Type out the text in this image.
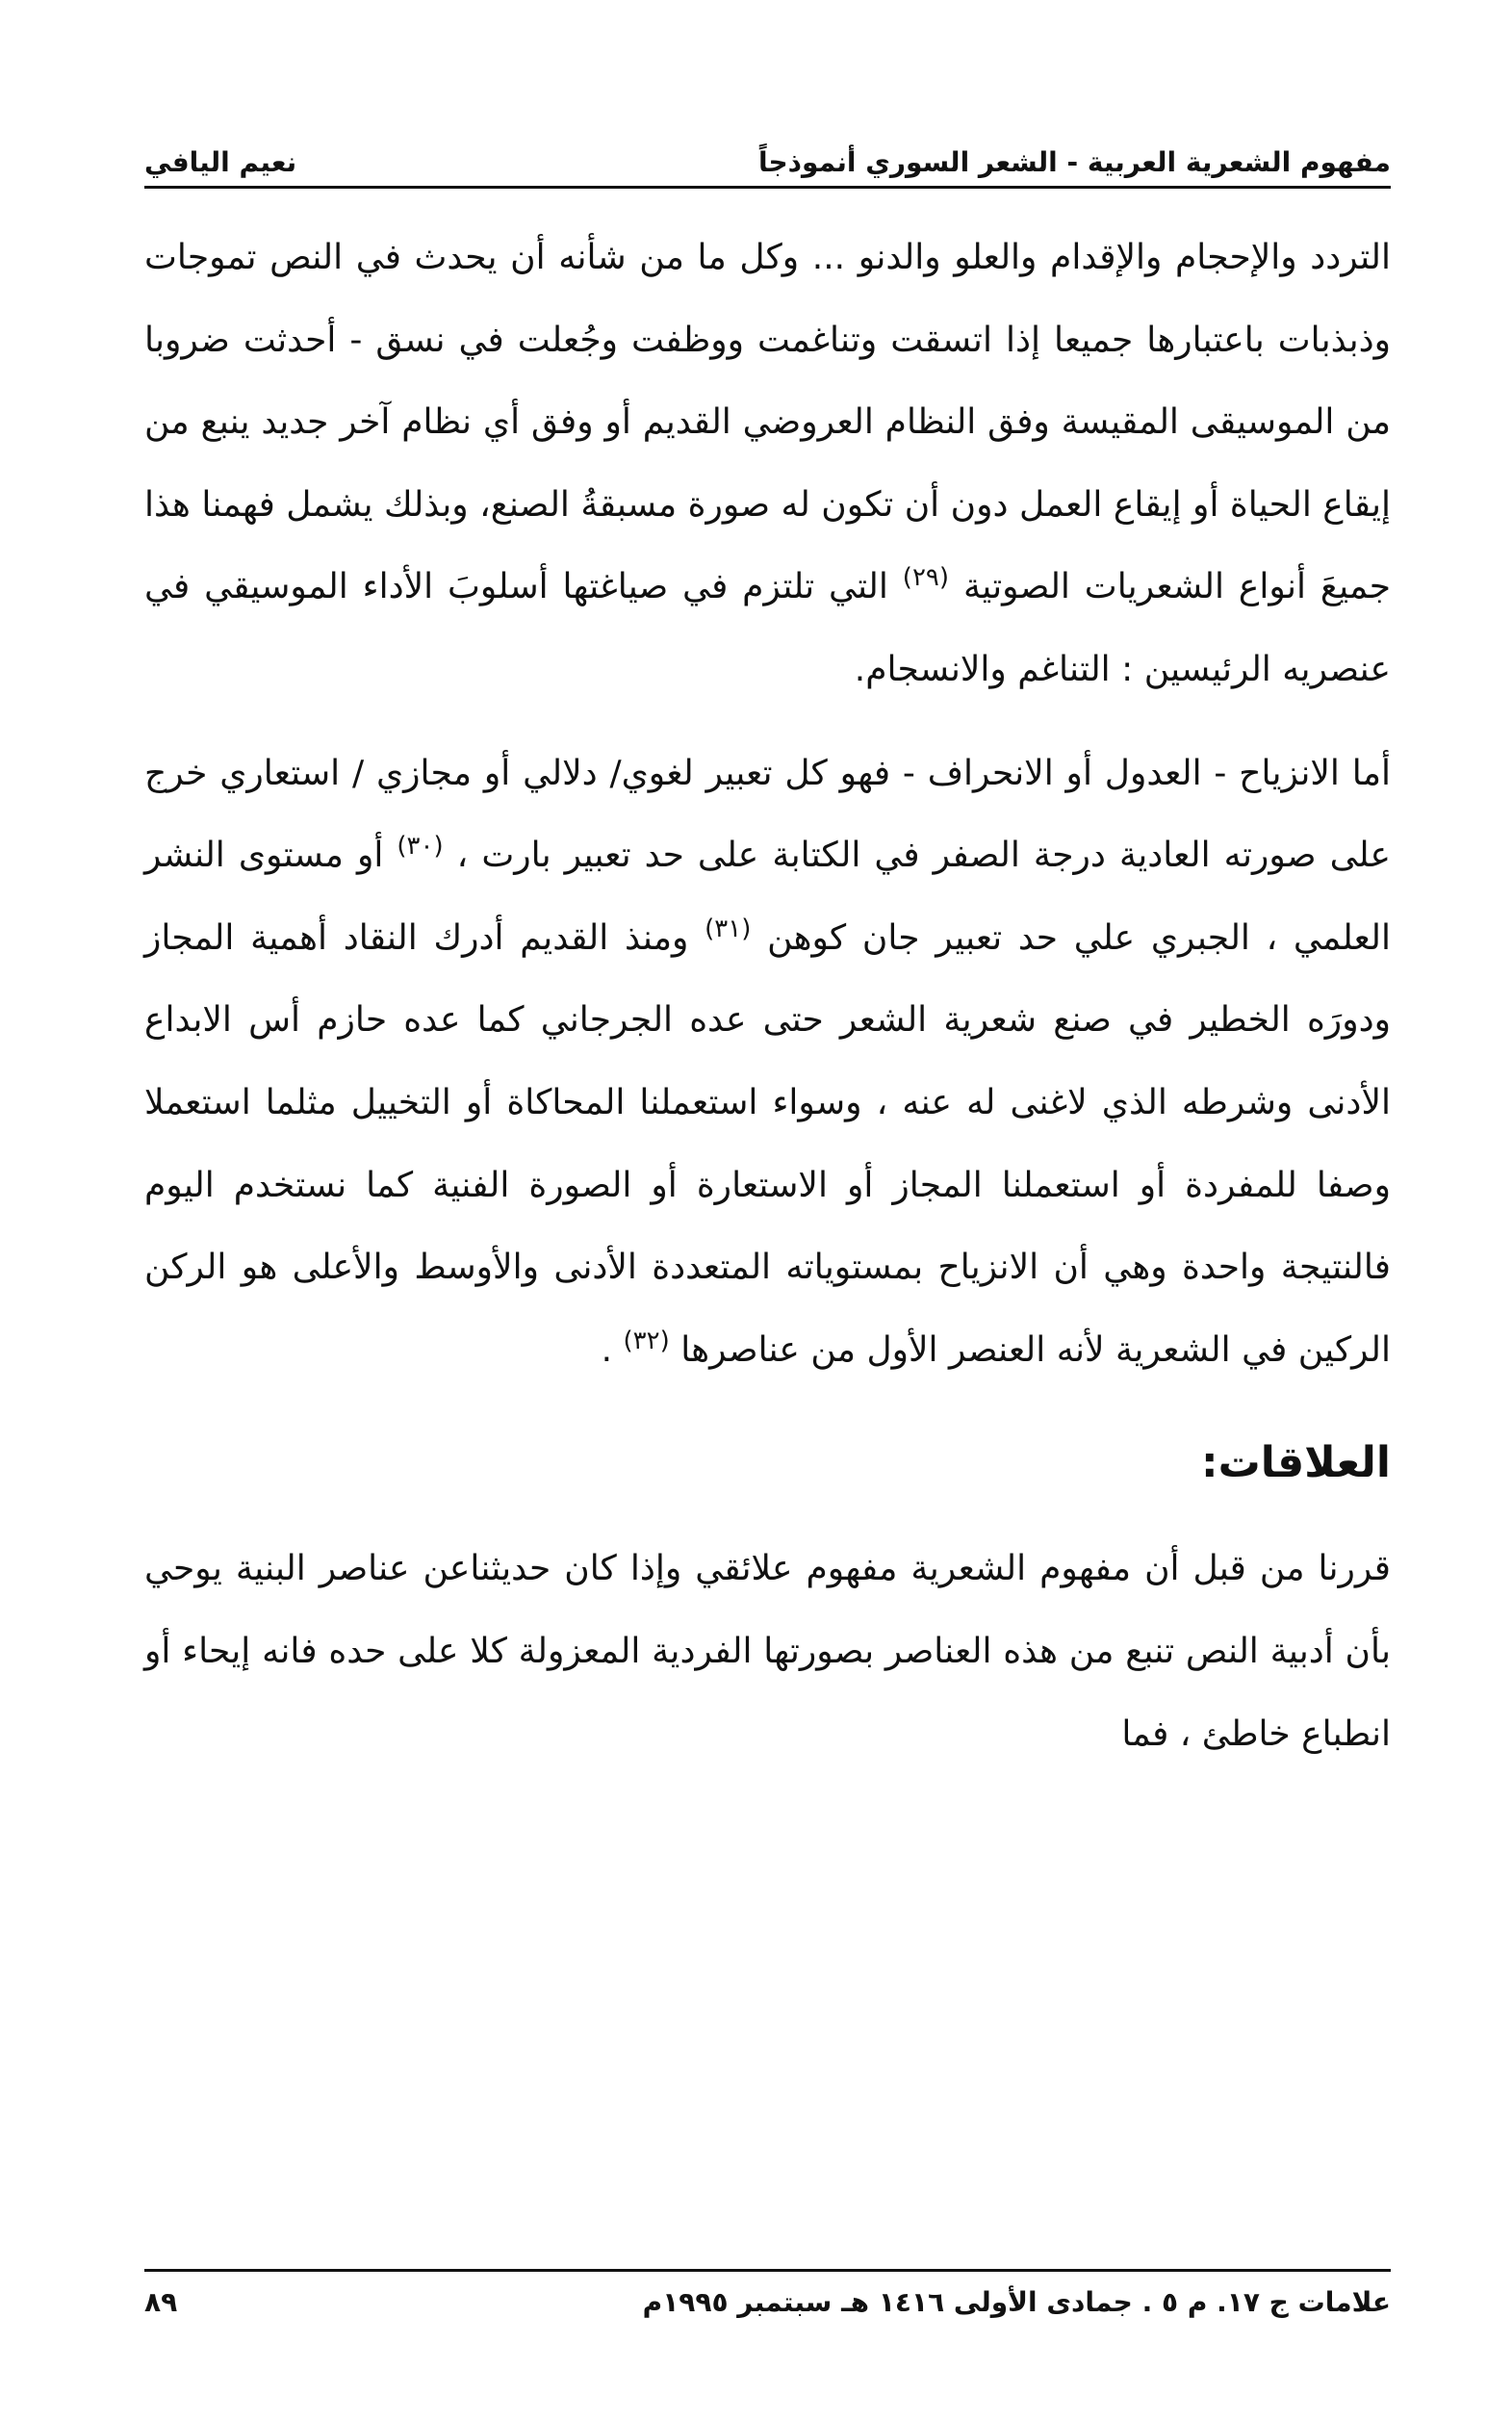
مفهوم الشعرية العربية - الشعر السوري أنموذجاً
نعيم اليافي

التردد والإحجام والإقدام والعلو والدنو ... وكل ما من شأنه أن يحدث في النص تموجات وذبذبات باعتبارها جميعا إذا اتسقت وتناغمت ووظفت وجُعلت في نسق - أحدثت ضروبا من الموسيقى المقيسة وفق النظام العروضي القديم أو وفق أي نظام آخر جديد ينبع من إيقاع الحياة أو إيقاع العمل دون أن تكون له صورة مسبقةُ الصنع، وبذلك يشمل فهمنا هذا جميعَ أنواع الشعريات الصوتية $^{(٢٩)}$ التي تلتزم في صياغتها أسلوبَ الأداء الموسيقي في عنصريه الرئيسين : التناغم والانسجام.

أما الانزياح - العدول أو الانحراف - فهو كل تعبير لغوي/ دلالي أو مجازي / استعاري خرج على صورته العادية درجة الصفر في الكتابة على حد تعبير بارت ، $^{(٣٠)}$ أو مستوى النشر العلمي ، الجبري علي حد تعبير جان كوهن $^{(٣١)}$ ومنذ القديم أدرك النقاد أهمية المجاز ودورَه الخطير في صنع شعرية الشعر حتى عده الجرجاني كما عده حازم أس الابداع الأدنى وشرطه الذي لاغنى له عنه ، وسواء استعملنا المحاكاة أو التخييل مثلما استعملا وصفا للمفردة أو استعملنا المجاز أو الاستعارة أو الصورة الفنية كما نستخدم اليوم فالنتيجة واحدة وهي أن الانزياح بمستوياته المتعددة الأدنى والأوسط والأعلى هو الركن الركين في الشعرية لأنه العنصر الأول من عناصرها $^{(٣٢)}$ .

العلاقات:

قررنا من قبل أن مفهوم الشعرية مفهوم علائقي وإذا كان حديثناعن عناصر البنية يوحي بأن أدبية النص تنبع من هذه العناصر بصورتها الفردية المعزولة كلا على حده فانه إيحاء أو انطباع خاطئ ، فما

علامات ج ١٧. م ٥ . جمادى الأولى ١٤١٦ هـ سبتمبر ١٩٩٥م
٨٩
